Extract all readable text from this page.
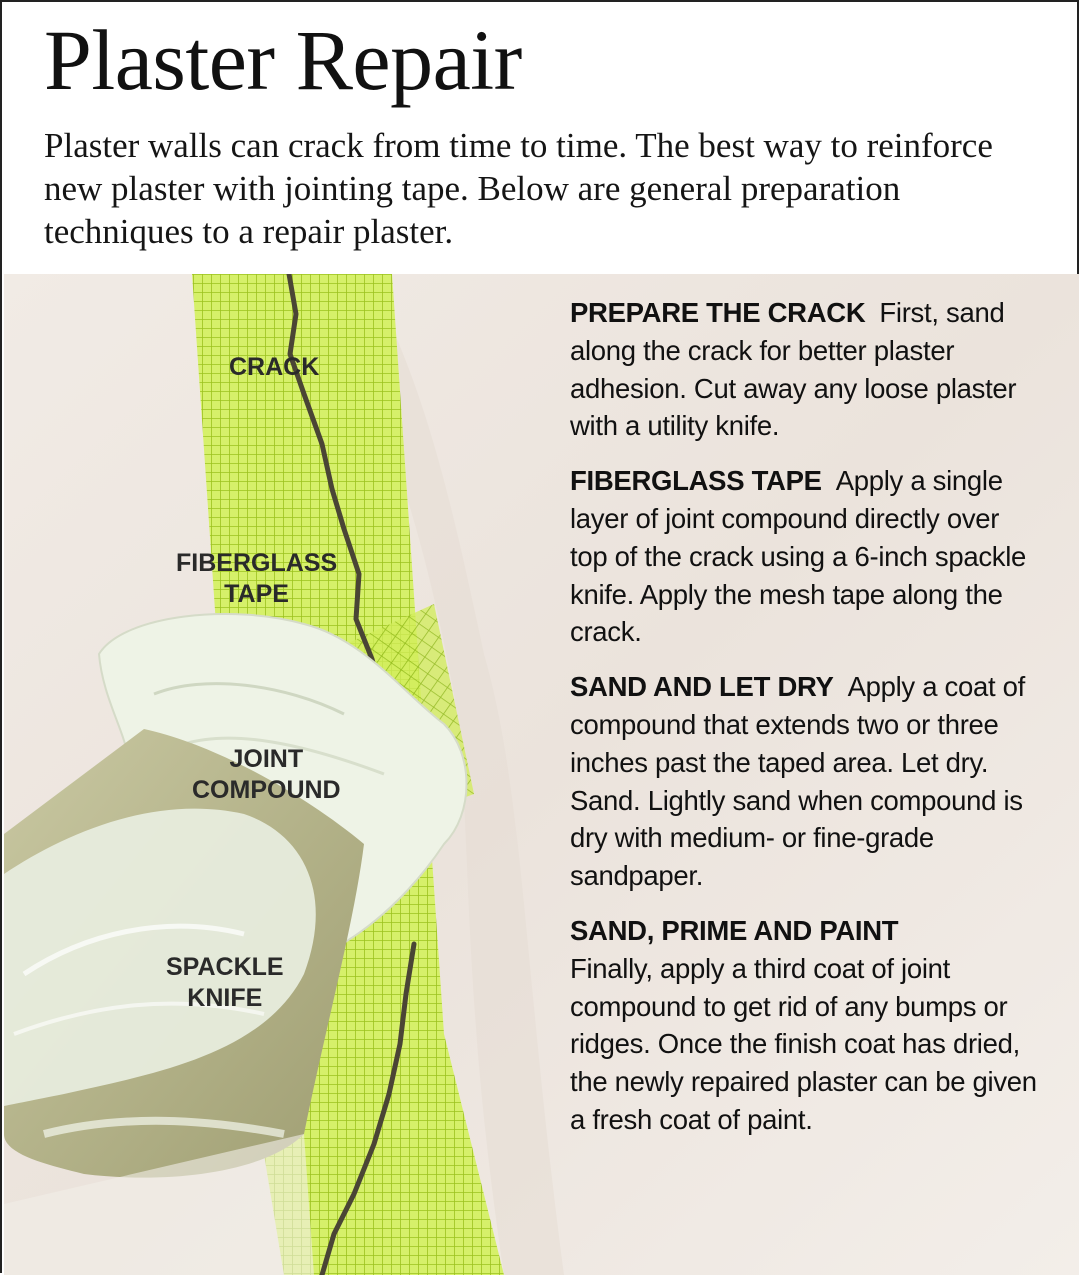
Plaster Repair

Plaster walls can crack from time to time. The best way to reinforce new plaster with jointing tape. Below are general preparation techniques to a repair plaster.

CRACK
FIBERGLASS
TAPE
JOINT
COMPOUND
SPACKLE
KNIFE

PREPARE THE CRACK First, sand along the crack for better plaster adhesion. Cut away any loose plaster with a utility knife.

FIBERGLASS TAPE Apply a single layer of joint compound directly over top of the crack using a 6-inch spackle knife. Apply the mesh tape along the crack.

SAND AND LET DRY Apply a coat of compound that extends two or three inches past the taped area. Let dry. Sand. Lightly sand when compound is dry with medium- or fine-grade sandpaper.

SAND, PRIME AND PAINT
Finally, apply a third coat of joint compound to get rid of any bumps or ridges. Once the finish coat has dried, the newly repaired plaster can be given a fresh coat of paint.
